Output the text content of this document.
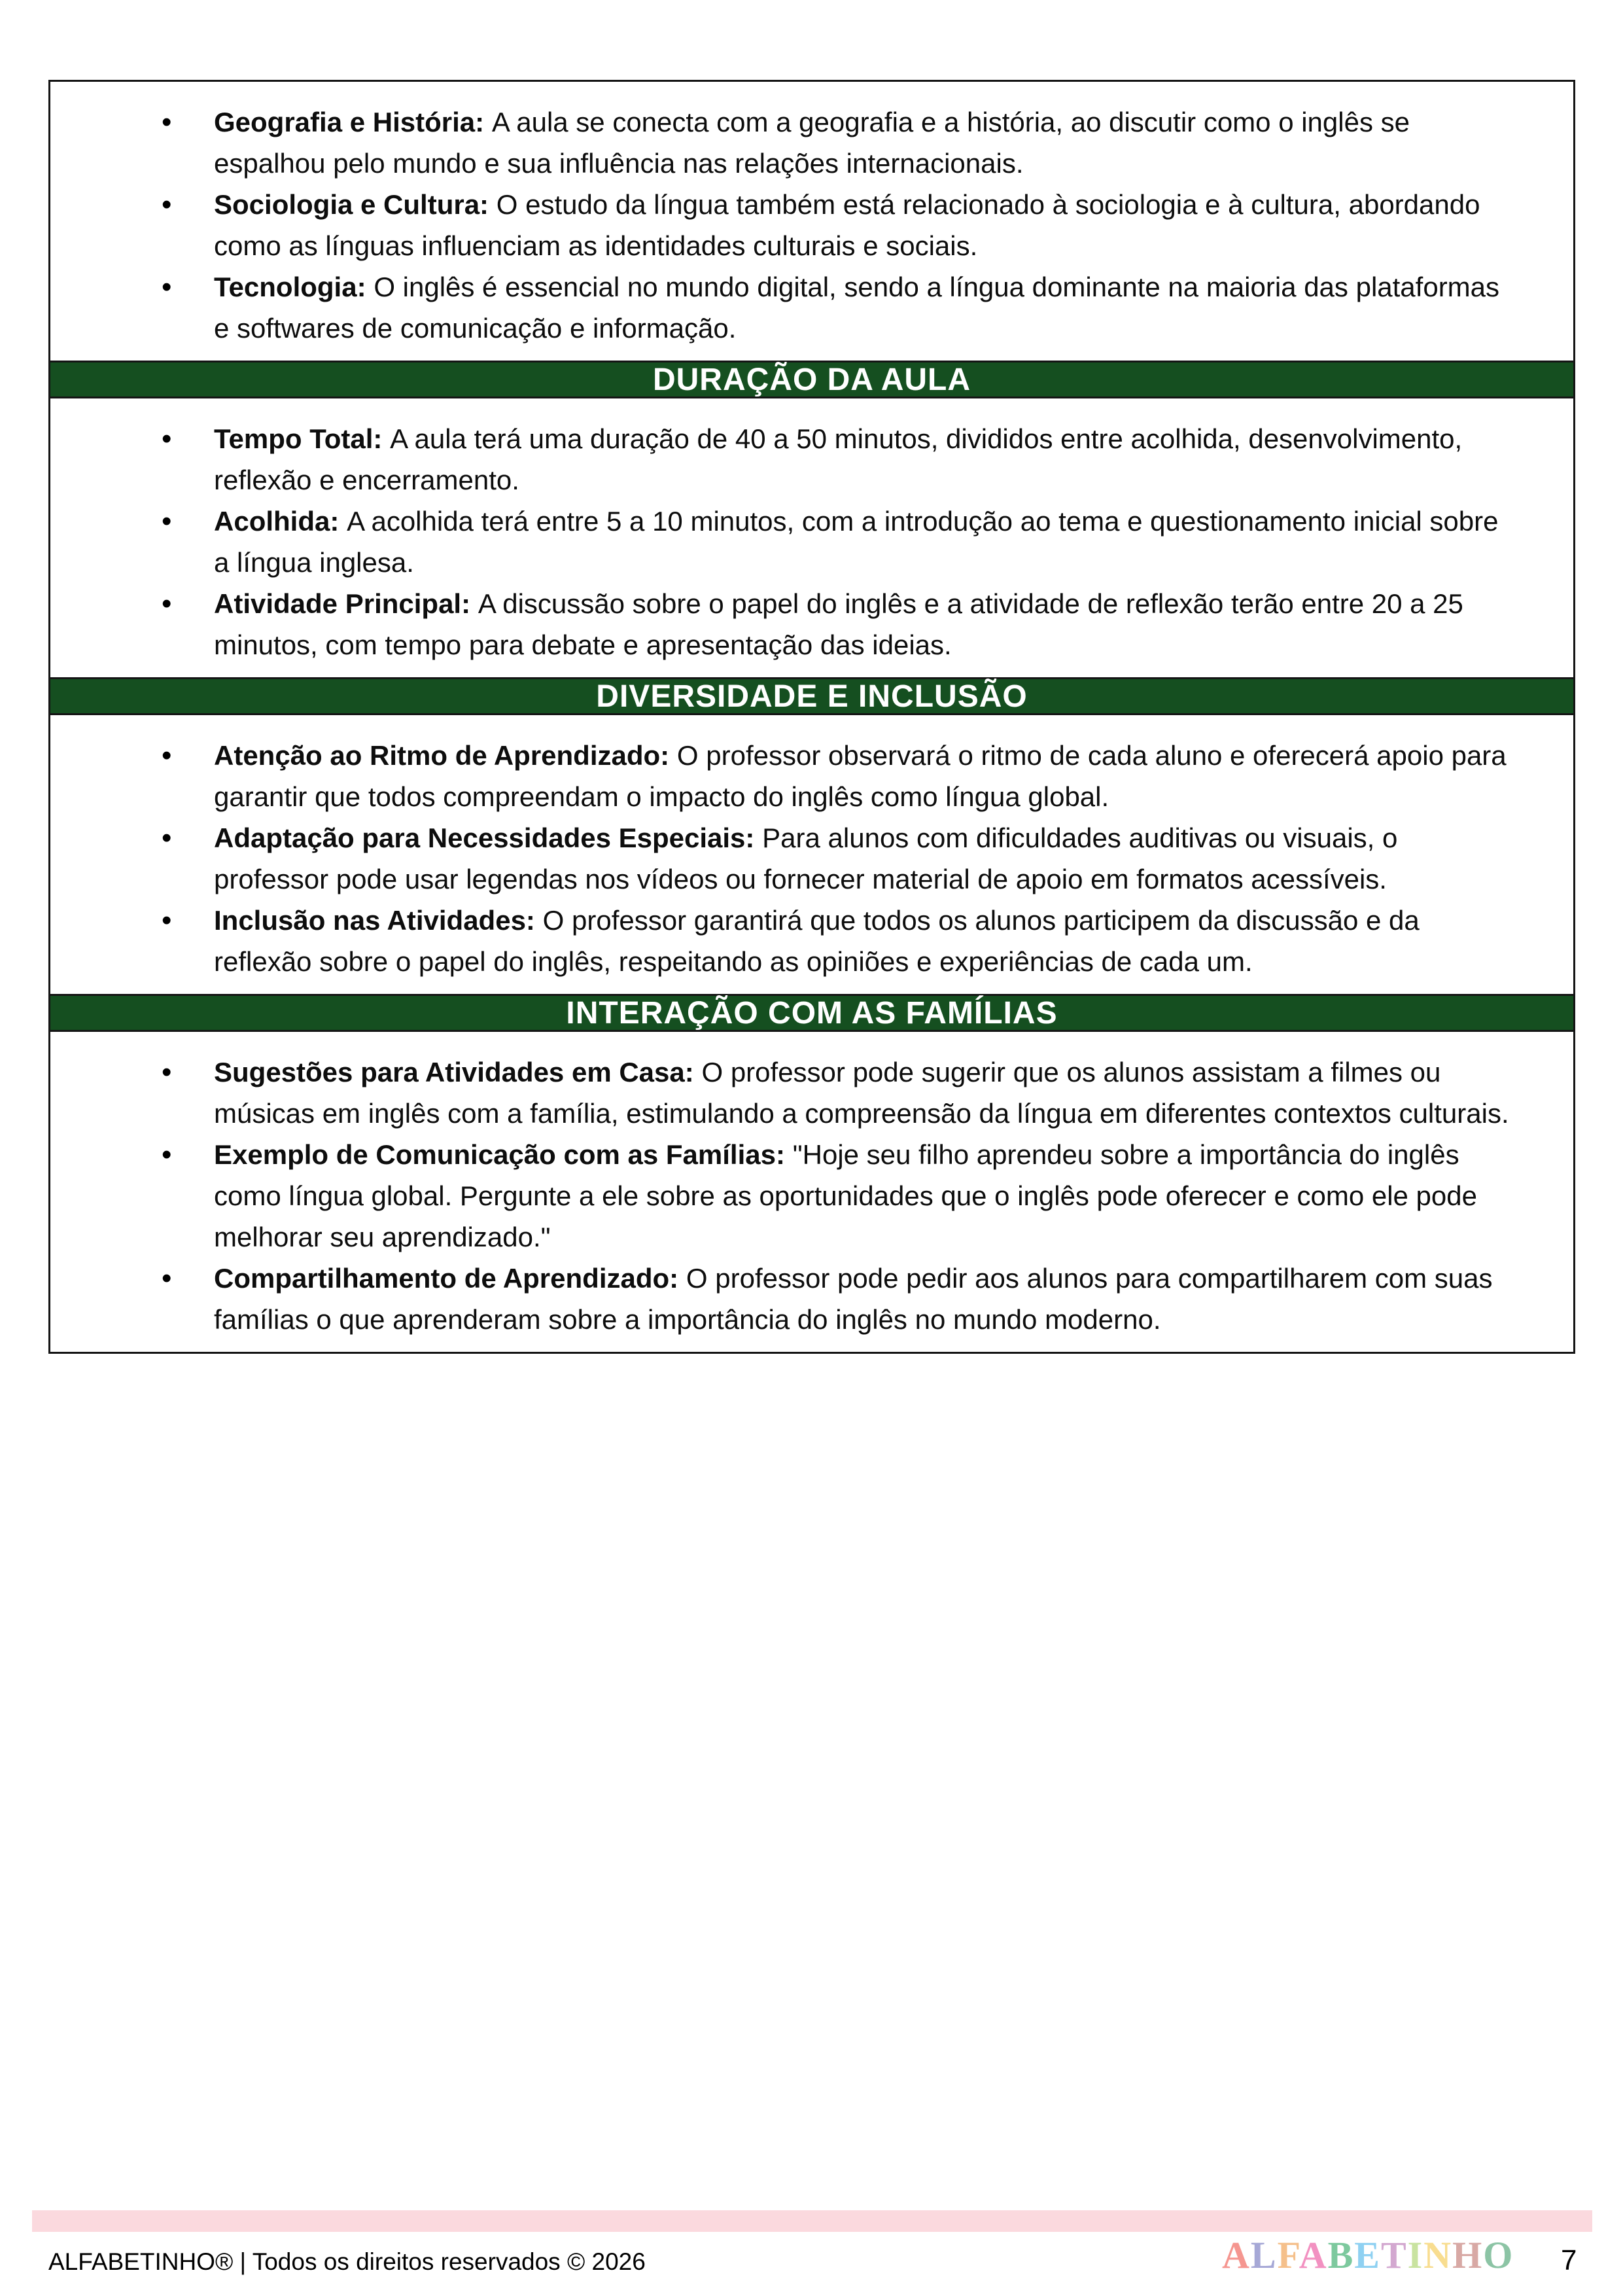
• Geografia e História: A aula se conecta com a geografia e a história, ao discutir como o inglês se espalhou pelo mundo e sua influência nas relações internacionais.
• Sociologia e Cultura: O estudo da língua também está relacionado à sociologia e à cultura, abordando como as línguas influenciam as identidades culturais e sociais.
• Tecnologia: O inglês é essencial no mundo digital, sendo a língua dominante na maioria das plataformas e softwares de comunicação e informação.
DURAÇÃO DA AULA
• Tempo Total: A aula terá uma duração de 40 a 50 minutos, divididos entre acolhida, desenvolvimento, reflexão e encerramento.
• Acolhida: A acolhida terá entre 5 a 10 minutos, com a introdução ao tema e questionamento inicial sobre a língua inglesa.
• Atividade Principal: A discussão sobre o papel do inglês e a atividade de reflexão terão entre 20 a 25 minutos, com tempo para debate e apresentação das ideias.
DIVERSIDADE E INCLUSÃO
• Atenção ao Ritmo de Aprendizado: O professor observará o ritmo de cada aluno e oferecerá apoio para garantir que todos compreendam o impacto do inglês como língua global.
• Adaptação para Necessidades Especiais: Para alunos com dificuldades auditivas ou visuais, o professor pode usar legendas nos vídeos ou fornecer material de apoio em formatos acessíveis.
• Inclusão nas Atividades: O professor garantirá que todos os alunos participem da discussão e da reflexão sobre o papel do inglês, respeitando as opiniões e experiências de cada um.
INTERAÇÃO COM AS FAMÍLIAS
• Sugestões para Atividades em Casa: O professor pode sugerir que os alunos assistam a filmes ou músicas em inglês com a família, estimulando a compreensão da língua em diferentes contextos culturais.
• Exemplo de Comunicação com as Famílias: "Hoje seu filho aprendeu sobre a importância do inglês como língua global. Pergunte a ele sobre as oportunidades que o inglês pode oferecer e como ele pode melhorar seu aprendizado."
• Compartilhamento de Aprendizado: O professor pode pedir aos alunos para compartilharem com suas famílias o que aprenderam sobre a importância do inglês no mundo moderno.
ALFABETINHO® | Todos os direitos reservados © 2026	ALFABETINHO 7
